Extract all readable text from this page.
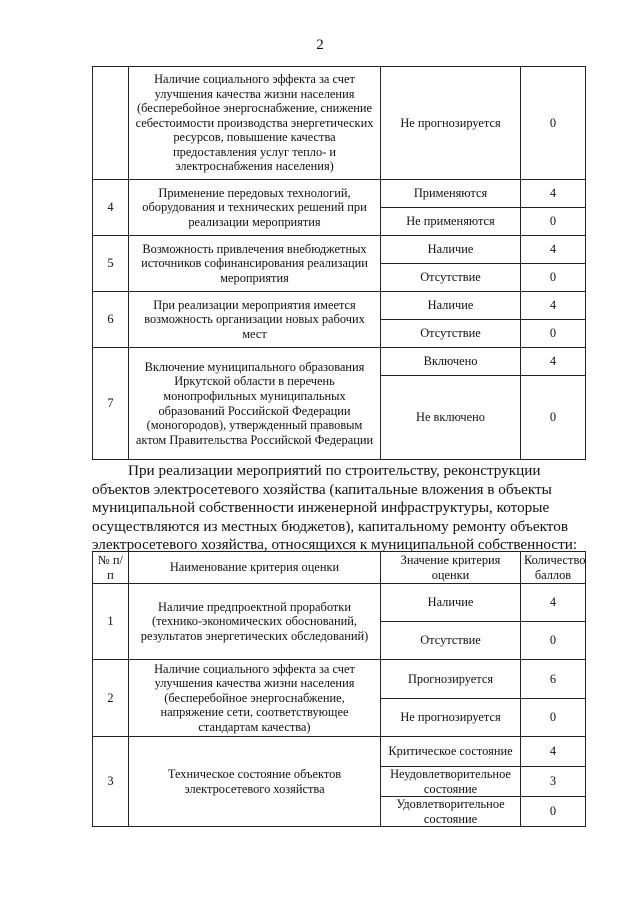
2
	Наличие социального эффекта за счет улучшения качества жизни населения (бесперебойное энергоснабжение, снижение себестоимости производства энергетических ресурсов, повышение качества предоставления услуг тепло- и электроснабжения населения)	Не прогнозируется	0
4	Применение передовых технологий, оборудования и технических решений при реализации мероприятия	Применяются	4
		Не применяются	0
5	Возможность привлечения внебюджетных источников софинансирования реализации мероприятия	Наличие	4
		Отсутствие	0
6	При реализации мероприятия имеется возможность организации новых рабочих мест	Наличие	4
		Отсутствие	0
7	Включение муниципального образования Иркутской области в перечень монопрофильных муниципальных образований Российской Федерации (моногородов), утвержденный правовым актом Правительства Российской Федерации	Включено	4
		Не включено	0

При реализации мероприятий по строительству, реконструкции
объектов электросетевого хозяйства (капитальные вложения в объекты
муниципальной собственности инженерной инфраструктуры, которые
осуществляются из местных бюджетов), капитальному ремонту объектов
электросетевого хозяйства, относящихся к муниципальной собственности:

№ п/п	Наименование критерия оценки	Значение критерия оценки	Количество баллов
1	Наличие предпроектной проработки (технико-экономических обоснований, результатов энергетических обследований)	Наличие	4
		Отсутствие	0
2	Наличие социального эффекта за счет улучшения качества жизни населения (бесперебойное энергоснабжение, напряжение сети, соответствующее стандартам качества)	Прогнозируется	6
		Не прогнозируется	0
3	Техническое состояние объектов электросетевого хозяйства	Критическое состояние	4
		Неудовлетворительное состояние	3
		Удовлетворительное состояние	0
